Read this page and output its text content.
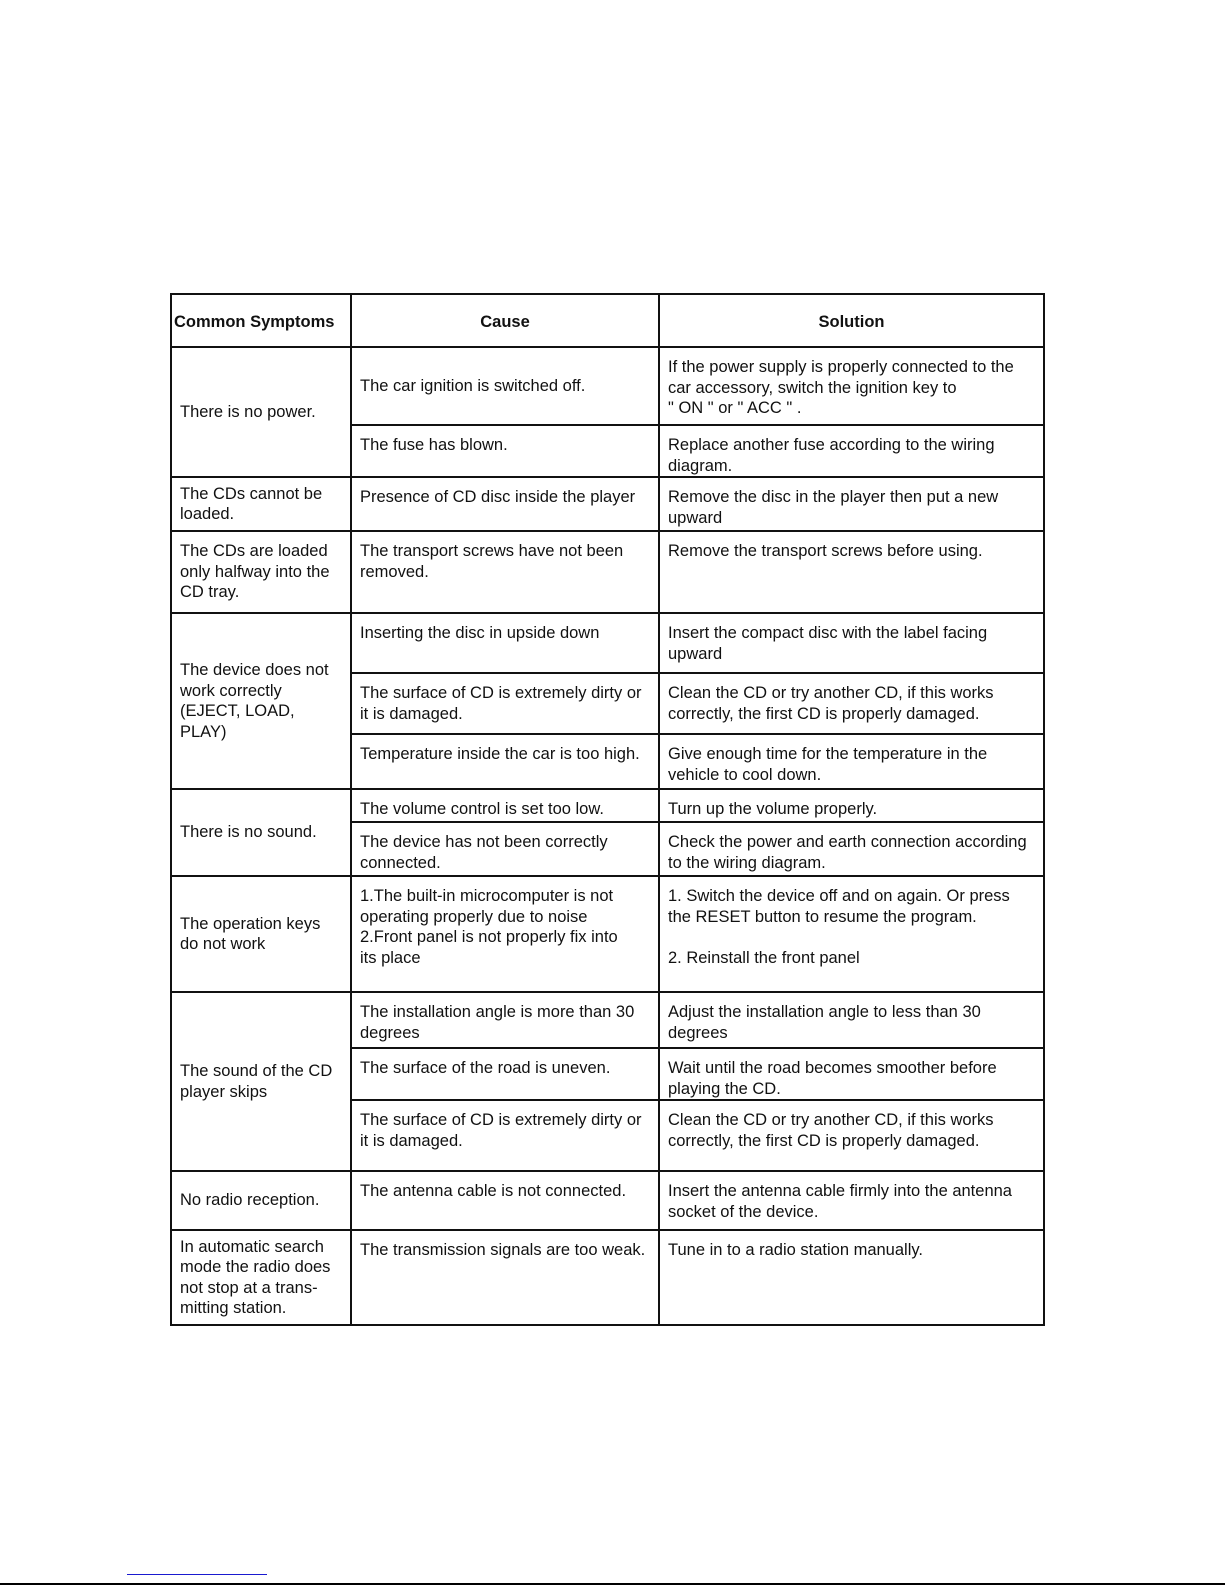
Common Symptoms	Cause	Solution
There is no power.	The car ignition is switched off.	If the power supply is properly connected to the car accessory, switch the ignition key to
" ON " or " ACC " .
	The fuse has blown.	Replace another fuse according to the wiring diagram.
The CDs cannot be loaded.	Presence of CD disc inside the player	Remove the disc in the player then put a new upward
The CDs are loaded only halfway into the CD tray.	The transport screws have not been removed.	Remove the transport screws before using.
The device does not work correctly (EJECT, LOAD,
PLAY)	Inserting the disc in upside down	Insert the compact disc with the label facing upward
	The surface of CD is extremely dirty or it is damaged.	Clean the CD or try another CD, if this works correctly, the first CD is properly damaged.
	Temperature inside the car is too high.	Give enough time for the temperature in the vehicle to cool down.
There is no sound.	The volume control is set too low.	Turn up the volume properly.
	The device has not been correctly connected.	Check the power and earth connection according to the wiring diagram.
The operation keys do not work	1.The built-in microcomputer is not
operating properly due to noise
2.Front panel is not properly fix into
its place	1. Switch the device off and on again. Or press
the RESET button to resume the program.

2. Reinstall the front panel
The sound of the CD player skips	The installation angle is more than 30 degrees	Adjust the installation angle to less than 30 degrees
	The surface of the road is uneven.	Wait until the road becomes smoother before playing the CD.
	The surface of CD is extremely dirty or it is damaged.	Clean the CD or try another CD, if this works correctly, the first CD is properly damaged.
No radio reception.	The antenna cable is not connected.	Insert the antenna cable firmly into the antenna socket of the device.
In automatic search mode the radio does not stop at a trans-mitting station.	The transmission signals are too weak.	Tune in to a radio station manually.
